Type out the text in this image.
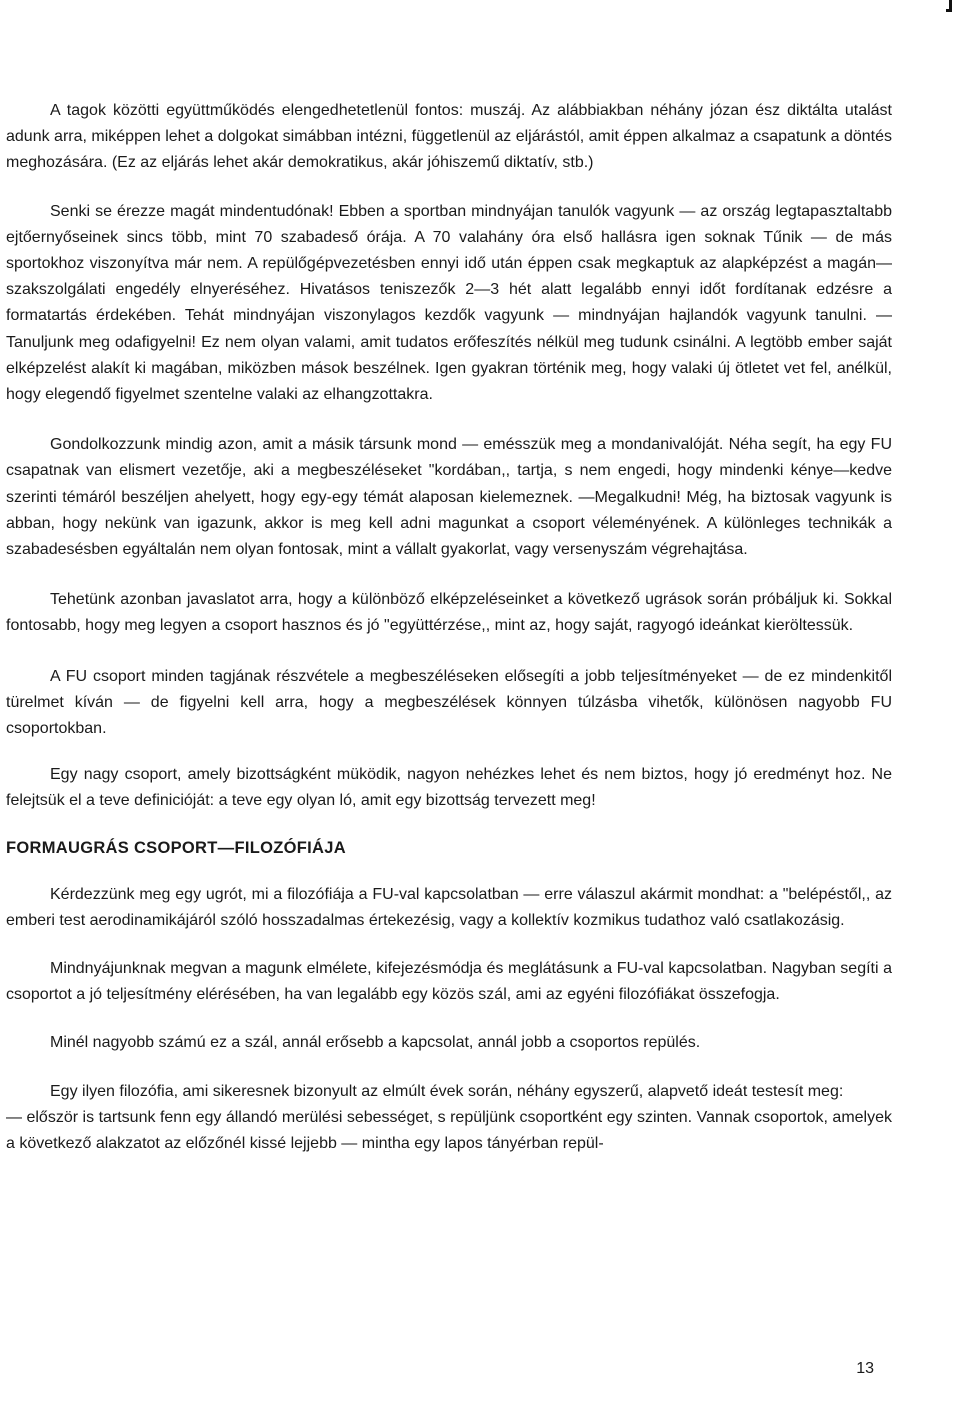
A tagok közötti együttműködés elengedhetetlenül fontos: muszáj. Az alábbiakban néhány józan ész diktálta utalást adunk arra, miképpen lehet a dolgokat simábban intézni, függetlenül az eljárástól, amit éppen alkalmaz a csapatunk a döntés meghozására. (Ez az eljárás lehet akár demokratikus, akár jóhiszemű diktatív, stb.)

Senki se érezze magát mindentudónak! Ebben a sportban mindnyájan tanulók vagyunk — az ország legtapasztaltabb ejtőernyőseinek sincs több, mint 70 szabadeső órája. A 70 valahány óra első hallásra igen soknak Tűnik — de más sportokhoz viszonyítva már nem. A repülőgépvezetésben ennyi idő után éppen csak megkaptuk az alapképzést a magán—szakszolgálati engedély elnyeréséhez. Hivatásos teniszezők 2—3 hét alatt legalább ennyi időt fordítanak edzésre a formatartás érdekében. Tehát mindnyájan viszonylagos kezdők vagyunk — mindnyájan hajlandók vagyunk tanulni. — Tanuljunk meg odafigyelni! Ez nem olyan valami, amit tudatos erőfeszítés nélkül meg tudunk csinálni. A legtöbb ember saját elképzelést alakít ki magában, miközben mások beszélnek. Igen gyakran történik meg, hogy valaki új ötletet vet fel, anélkül, hogy elegendő figyelmet szentelne valaki az elhangzottakra.

Gondolkozzunk mindig azon, amit a másik társunk mond — emésszük meg a mondanivalóját. Néha segít, ha egy FU csapatnak van elismert vezetője, aki a megbeszéléseket "kordában,, tartja, s nem engedi, hogy mindenki kénye—kedve szerinti témáról beszéljen ahelyett, hogy egy-egy témát alaposan kielemeznek. —Megalkudni! Még, ha biztosak vagyunk is abban, hogy nekünk van igazunk, akkor is meg kell adni magunkat a csoport véleményének. A különleges technikák a szabadesésben egyáltalán nem olyan fontosak, mint a vállalt gyakorlat, vagy versenyszám végrehajtása.

Tehetünk azonban javaslatot arra, hogy a különböző elképzeléseinket a következő ugrások során próbáljuk ki. Sokkal fontosabb, hogy meg legyen a csoport hasznos és jó "együttérzése,, mint az, hogy saját, ragyogó ideánkat kieröltessük.

A FU csoport minden tagjának részvétele a megbeszéléseken elősegíti a jobb teljesítményeket — de ez mindenkitől türelmet kíván — de figyelni kell arra, hogy a megbeszélések könnyen túlzásba vihetők, különösen nagyobb FU csoportokban.

Egy nagy csoport, amely bizottságként müködik, nagyon nehézkes lehet és nem biztos, hogy jó eredményt hoz. Ne felejtsük el a teve definicióját: a teve egy olyan ló, amit egy bizottság tervezett meg!

FORMAUGRÁS CSOPORT—FILOZÓFIÁJA

Kérdezzünk meg egy ugrót, mi a filozófiája a FU-val kapcsolatban — erre válaszul akármit mondhat: a "belépéstől,, az emberi test aerodinamikájáról szóló hosszadalmas értekezésig, vagy a kollektív kozmikus tudathoz való csatlakozásig.

Mindnyájunknak megvan a magunk elmélete, kifejezésmódja és meglátásunk a FU-val kapcsolatban. Nagyban segíti a csoportot a jó teljesítmény elérésében, ha van legalább egy közös szál, ami az egyéni filozófiákat összefogja.

Minél nagyobb számú ez a szál, annál erősebb a kapcsolat, annál jobb a csoportos repülés.

Egy ilyen filozófia, ami sikeresnek bizonyult az elmúlt évek során, néhány egyszerű, alapvető ideát testesít meg:

— először is tartsunk fenn egy állandó merülési sebességet, s repüljünk csoportként egy szinten. Vannak csoportok, amelyek a következő alakzatot az előzőnél kissé lejjebb — mintha egy lapos tányérban repül-

13
